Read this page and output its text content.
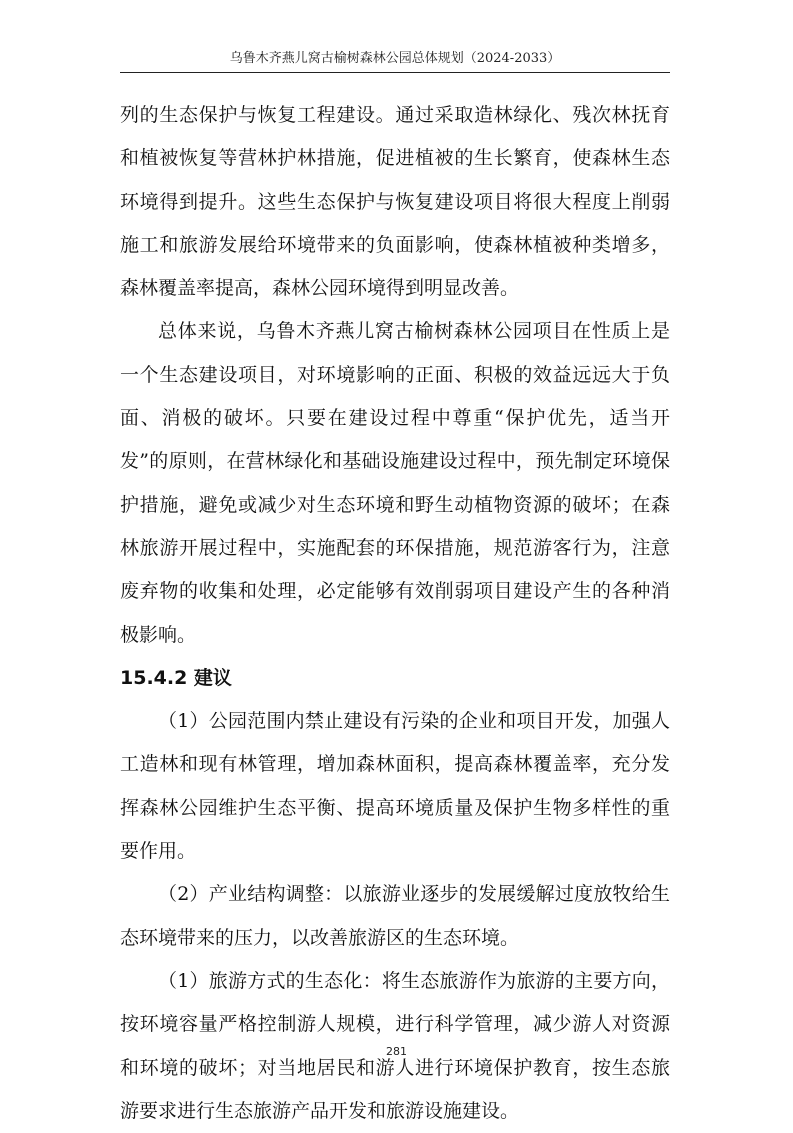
乌鲁木齐燕儿窝古榆树森林公园总体规划（2024-2033）

列的生态保护与恢复工程建设。通过采取造林绿化、残次林抚育和植被恢复等营林护林措施，促进植被的生长繁育，使森林生态环境得到提升。这些生态保护与恢复建设项目将很大程度上削弱施工和旅游发展给环境带来的负面影响，使森林植被种类增多，森林覆盖率提高，森林公园环境得到明显改善。

总体来说，乌鲁木齐燕儿窝古榆树森林公园项目在性质上是一个生态建设项目，对环境影响的正面、积极的效益远远大于负面、消极的破坏。只要在建设过程中尊重“保护优先，适当开发”的原则，在营林绿化和基础设施建设过程中，预先制定环境保护措施，避免或减少对生态环境和野生动植物资源的破坏；在森林旅游开展过程中，实施配套的环保措施，规范游客行为，注意废弃物的收集和处理，必定能够有效削弱项目建设产生的各种消极影响。

15.4.2 建议

（1）公园范围内禁止建设有污染的企业和项目开发，加强人工造林和现有林管理，增加森林面积，提高森林覆盖率，充分发挥森林公园维护生态平衡、提高环境质量及保护生物多样性的重要作用。

（2）产业结构调整：以旅游业逐步的发展缓解过度放牧给生态环境带来的压力，以改善旅游区的生态环境。

（1）旅游方式的生态化：将生态旅游作为旅游的主要方向，按环境容量严格控制游人规模，进行科学管理，减少游人对资源和环境的破坏；对当地居民和游人进行环境保护教育，按生态旅游要求进行生态旅游产品开发和旅游设施建设。

281
